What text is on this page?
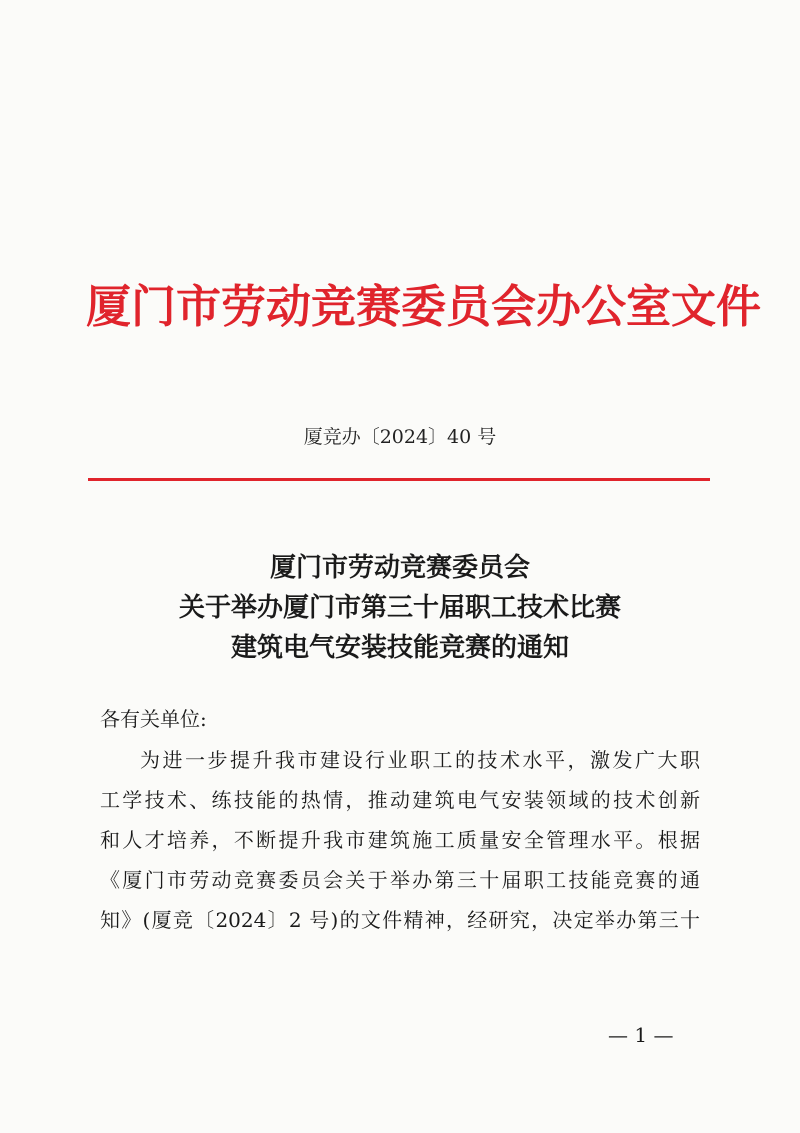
厦门市劳动竞赛委员会办公室文件
厦竞办〔2024〕40 号
厦门市劳动竞赛委员会
关于举办厦门市第三十届职工技术比赛
建筑电气安装技能竞赛的通知
各有关单位:
为进一步提升我市建设行业职工的技术水平，激发广大职
工学技术、练技能的热情，推动建筑电气安装领域的技术创新
和人才培养，不断提升我市建筑施工质量安全管理水平。根据
《厦门市劳动竞赛委员会关于举办第三十届职工技能竞赛的通
知》(厦竞〔2024〕2 号)的文件精神，经研究，决定举办第三十
— 1 —
